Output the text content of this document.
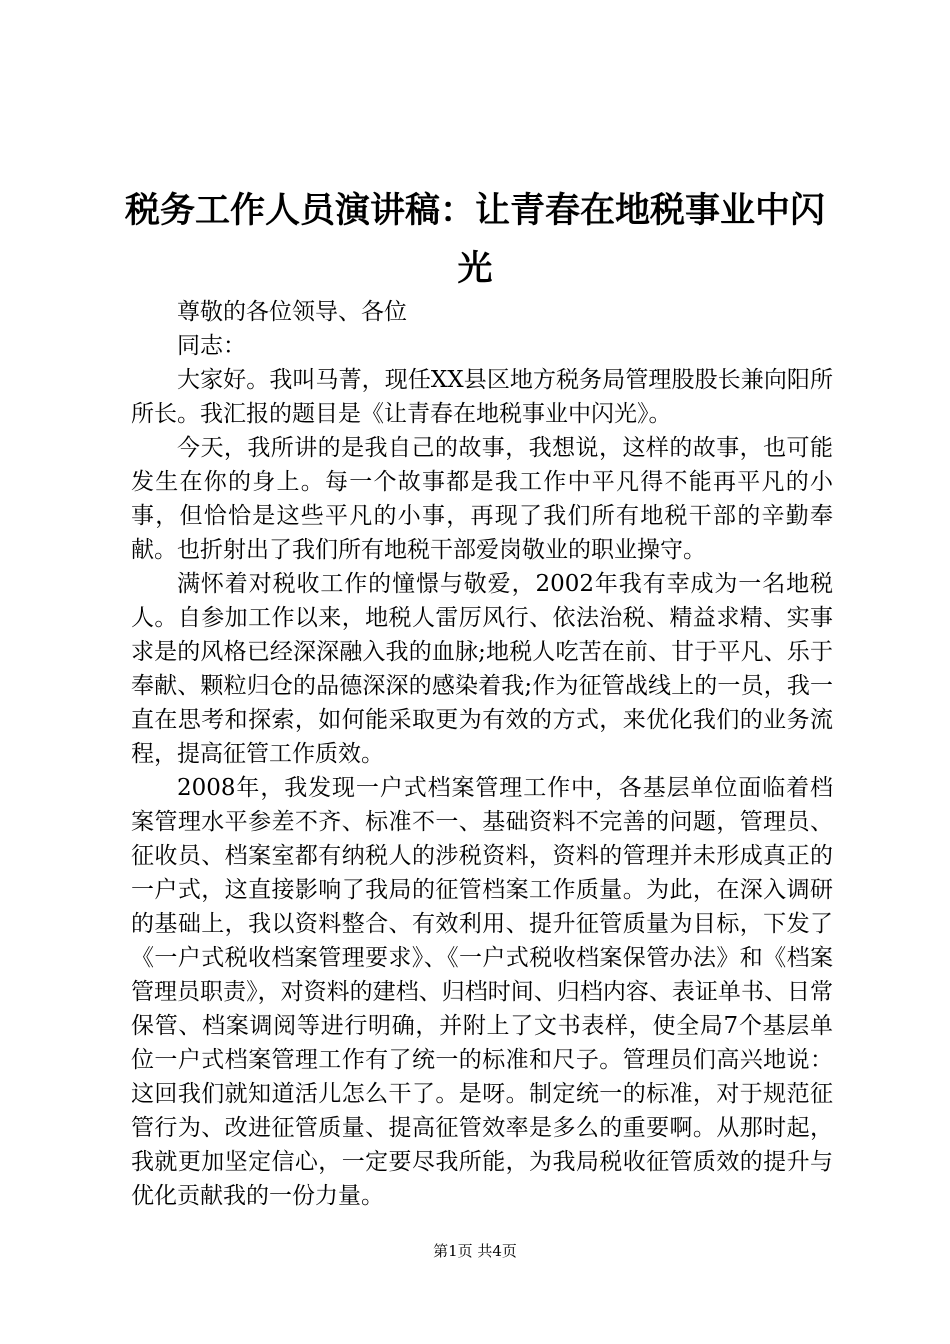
税务工作人员演讲稿：让青春在地税事业中闪光

尊敬的各位领导、各位

同志：

大家好。我叫马菁，现任XX县区地方税务局管理股股长兼向阳所所长。我汇报的题目是《让青春在地税事业中闪光》。

今天，我所讲的是我自己的故事，我想说，这样的故事，也可能发生在你的身上。每一个故事都是我工作中平凡得不能再平凡的小事，但恰恰是这些平凡的小事，再现了我们所有地税干部的辛勤奉献。也折射出了我们所有地税干部爱岗敬业的职业操守。

满怀着对税收工作的憧憬与敬爱，2002年我有幸成为一名地税人。自参加工作以来，地税人雷厉风行、依法治税、精益求精、实事求是的风格已经深深融入我的血脉;地税人吃苦在前、甘于平凡、乐于奉献、颗粒归仓的品德深深的感染着我;作为征管战线上的一员，我一直在思考和探索，如何能采取更为有效的方式，来优化我们的业务流程，提高征管工作质效。

2008年，我发现一户式档案管理工作中，各基层单位面临着档案管理水平参差不齐、标准不一、基础资料不完善的问题，管理员、征收员、档案室都有纳税人的涉税资料，资料的管理并未形成真正的一户式，这直接影响了我局的征管档案工作质量。为此，在深入调研的基础上，我以资料整合、有效利用、提升征管质量为目标，下发了《一户式税收档案管理要求》、《一户式税收档案保管办法》和《档案管理员职责》，对资料的建档、归档时间、归档内容、表证单书、日常保管、档案调阅等进行明确，并附上了文书表样，使全局7个基层单位一户式档案管理工作有了统一的标准和尺子。管理员们高兴地说：这回我们就知道活儿怎么干了。是呀。制定统一的标准，对于规范征管行为、改进征管质量、提高征管效率是多么的重要啊。从那时起，我就更加坚定信心，一定要尽我所能，为我局税收征管质效的提升与优化贡献我的一份力量。

第1页 共4页
